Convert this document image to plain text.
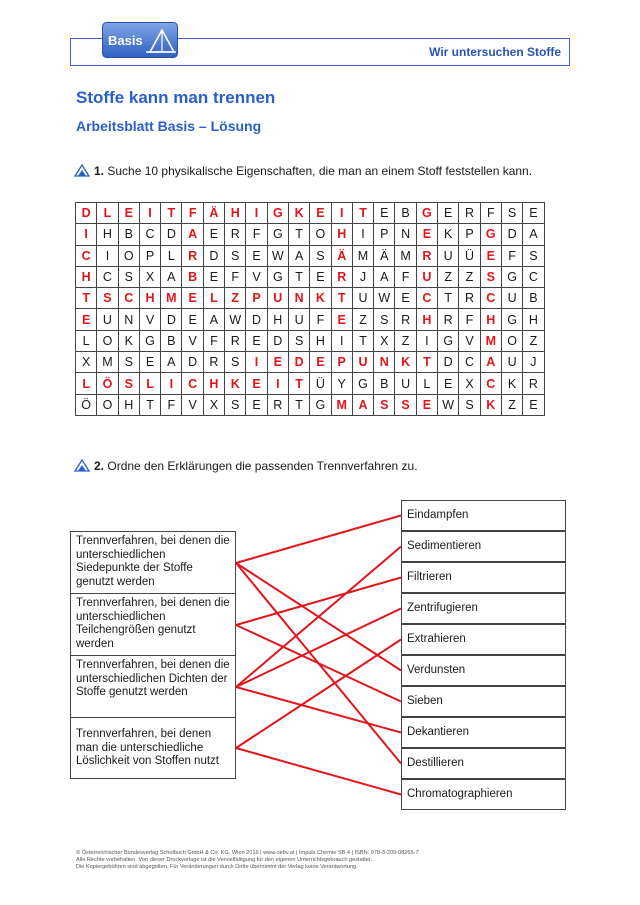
Wir untersuchen Stoffe
Basis
Stoffe kann man trennen
Arbeitsblatt Basis – Lösung
1. Suche 10 physikalische Eigenschaften, die man an einem Stoff feststellen kann.
D	L	E	I	T	F	Ä	H	I	G	K	E	I	T	E	B	G	E	R	F	S	E
I	H	B	C	D	A	E	R	F	G	T	O	H	I	P	N	E	K	P	G	D	A
C	I	O	P	L	R	D	S	E	W	A	S	Ä	M	Ä	M	R	U	Ü	E	F	S
H	C	S	X	A	B	E	F	V	G	T	E	R	J	A	F	U	Z	Z	S	G	C
T	S	C	H	M	E	L	Z	P	U	N	K	T	U	W	E	C	T	R	C	U	B
E	U	N	V	D	E	A	W	D	H	U	F	E	Z	S	R	H	R	F	H	G	H
L	O	K	G	B	V	F	R	E	D	S	H	I	T	X	Z	I	G	V	M	O	Z
X	M	S	E	A	D	R	S	I	E	D	E	P	U	N	K	T	D	C	A	U	J
L	Ö	S	L	I	C	H	K	E	I	T	Ü	Y	G	B	U	L	E	X	C	K	R
Ö	O	H	T	F	V	X	S	E	R	T	G	M	A	S	S	E	W	S	K	Z	E
2. Ordne den Erklärungen die passenden Trennverfahren zu.
Trennverfahren, bei denen die unterschiedlichen Siedepunkte der Stoffe genutzt werden
Trennverfahren, bei denen die unterschiedlichen Teilchengrößen genutzt werden
Trennverfahren, bei denen die unterschiedlichen Dichten der Stoffe genutzt werden
Trennverfahren, bei denen man die unterschiedliche Löslichkeit von Stoffen nutzt
Eindampfen
Sedimentieren
Filtrieren
Zentrifugieren
Extrahieren
Verdunsten
Sieben
Dekantieren
Destillieren
Chromatographieren
© Österreichischer Bundesverlag Schulbuch GmbH & Co. KG, Wien 2016 | www.oebv.at | Impuls Chemie SB 4 | ISBN: 978-3-209-08265-7
Alle Rechte vorbehalten. Von dieser Druckvorlage ist die Vervielfältigung für den eigenen Unterrichtsgebrauch gestattet.
Die Kopiergebühren sind abgegolten. Für Veränderungen durch Dritte übernimmt der Verlag keine Verantwortung.
